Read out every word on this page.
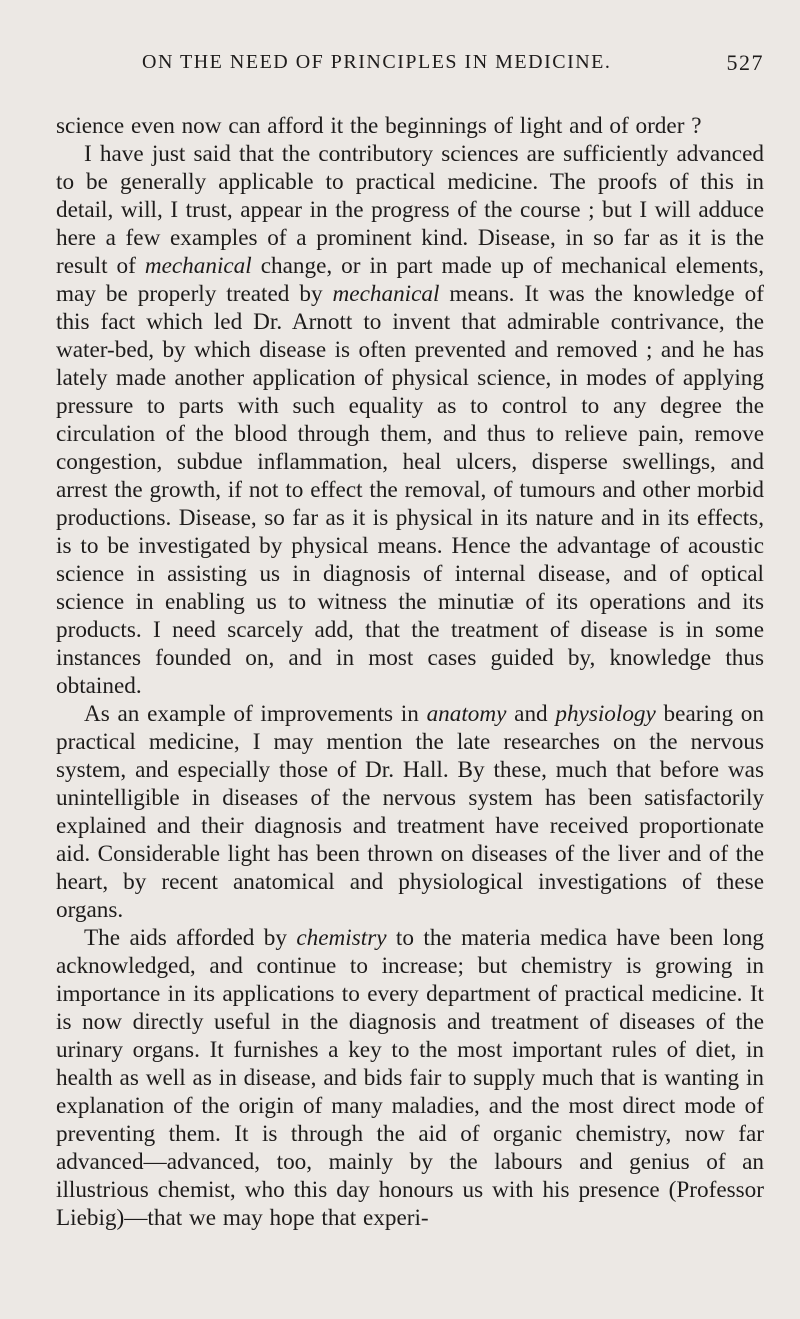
ON THE NEED OF PRINCIPLES IN MEDICINE.	527

science even now can afford it the beginnings of light and of order ?

I have just said that the contributory sciences are sufficiently advanced to be generally applicable to practical medicine. The proofs of this in detail, will, I trust, appear in the progress of the course ; but I will adduce here a few examples of a prominent kind. Disease, in so far as it is the result of mechanical change, or in part made up of mechanical elements, may be properly treated by mechanical means. It was the knowledge of this fact which led Dr. Arnott to invent that admirable contrivance, the water-bed, by which disease is often prevented and removed ; and he has lately made another application of physical science, in modes of applying pressure to parts with such equality as to control to any degree the circulation of the blood through them, and thus to relieve pain, remove congestion, subdue inflammation, heal ulcers, disperse swellings, and arrest the growth, if not to effect the removal, of tumours and other morbid productions. Disease, so far as it is physical in its nature and in its effects, is to be investigated by physical means. Hence the advantage of acoustic science in assisting us in diagnosis of internal disease, and of optical science in enabling us to witness the minutiæ of its operations and its products. I need scarcely add, that the treatment of disease is in some instances founded on, and in most cases guided by, knowledge thus obtained.

As an example of improvements in anatomy and physiology bearing on practical medicine, I may mention the late researches on the nervous system, and especially those of Dr. Hall. By these, much that before was unintelligible in diseases of the nervous system has been satisfactorily explained and their diagnosis and treatment have received proportionate aid. Considerable light has been thrown on diseases of the liver and of the heart, by recent anatomical and physiological investigations of these organs.

The aids afforded by chemistry to the materia medica have been long acknowledged, and continue to increase; but chemistry is growing in importance in its applications to every department of practical medicine. It is now directly useful in the diagnosis and treatment of diseases of the urinary organs. It furnishes a key to the most important rules of diet, in health as well as in disease, and bids fair to supply much that is wanting in explanation of the origin of many maladies, and the most direct mode of preventing them. It is through the aid of organic chemistry, now far advanced—advanced, too, mainly by the labours and genius of an illustrious chemist, who this day honours us with his presence (Professor Liebig)—that we may hope that experi-
